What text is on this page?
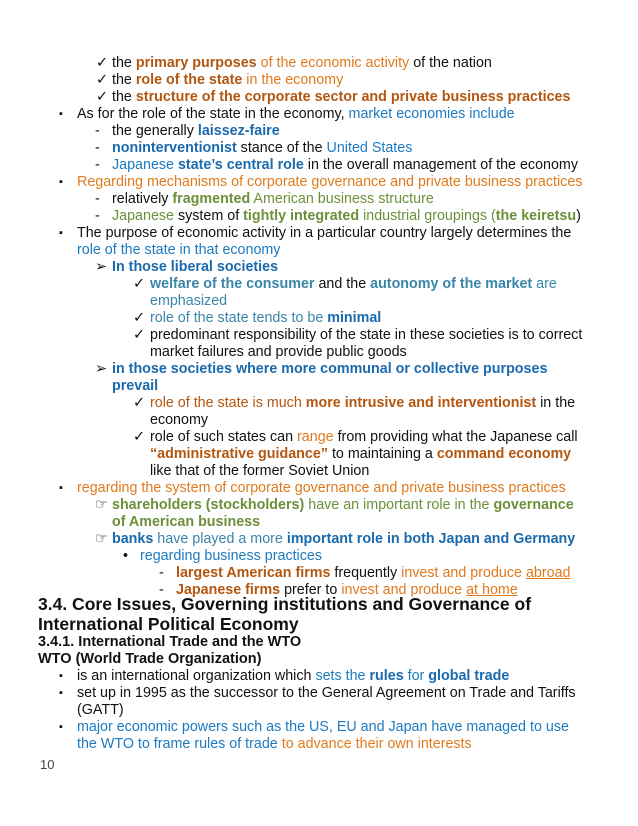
3.4. Core Issues, Governing institutions and Governance of
International Political Economy
3.4.1. International Trade and the WTO
WTO (World Trade Organization)
✓ the primary purposes of the economic activity of the nation
✓ the role of the state in the economy
✓ the structure of the corporate sector and private business practices
▪ As for the role of the state in the economy, market economies include
- the generally laissez-faire
- noninterventionist stance of the United States
- Japanese state’s central role in the overall management of the economy
▪ Regarding mechanisms of corporate governance and private business practices
- relatively fragmented American business structure
- Japanese system of tightly integrated industrial groupings (the keiretsu)
▪ The purpose of economic activity in a particular country largely determines the
role of the state in that economy
➢ In those liberal societies
✓ welfare of the consumer and the autonomy of the market are
emphasized
✓ role of the state tends to be minimal
✓ predominant responsibility of the state in these societies is to correct
market failures and provide public goods
➢ in those societies where more communal or collective purposes
prevail
✓ role of the state is much more intrusive and interventionist in the
economy
✓ role of such states can range from providing what the Japanese call
“administrative guidance” to maintaining a command economy
like that of the former Soviet Union
▪ regarding the system of corporate governance and private business practices
☞ shareholders (stockholders) have an important role in the governance
of American business
☞ banks have played a more important role in both Japan and Germany
• regarding business practices
- largest American firms frequently invest and produce abroad
- Japanese firms prefer to invest and produce at home
▪ is an international organization which sets the rules for global trade
▪ set up in 1995 as the successor to the General Agreement on Trade and Tariffs
(GATT)
▪ major economic powers such as the US, EU and Japan have managed to use
the WTO to frame rules of trade to advance their own interests
10
